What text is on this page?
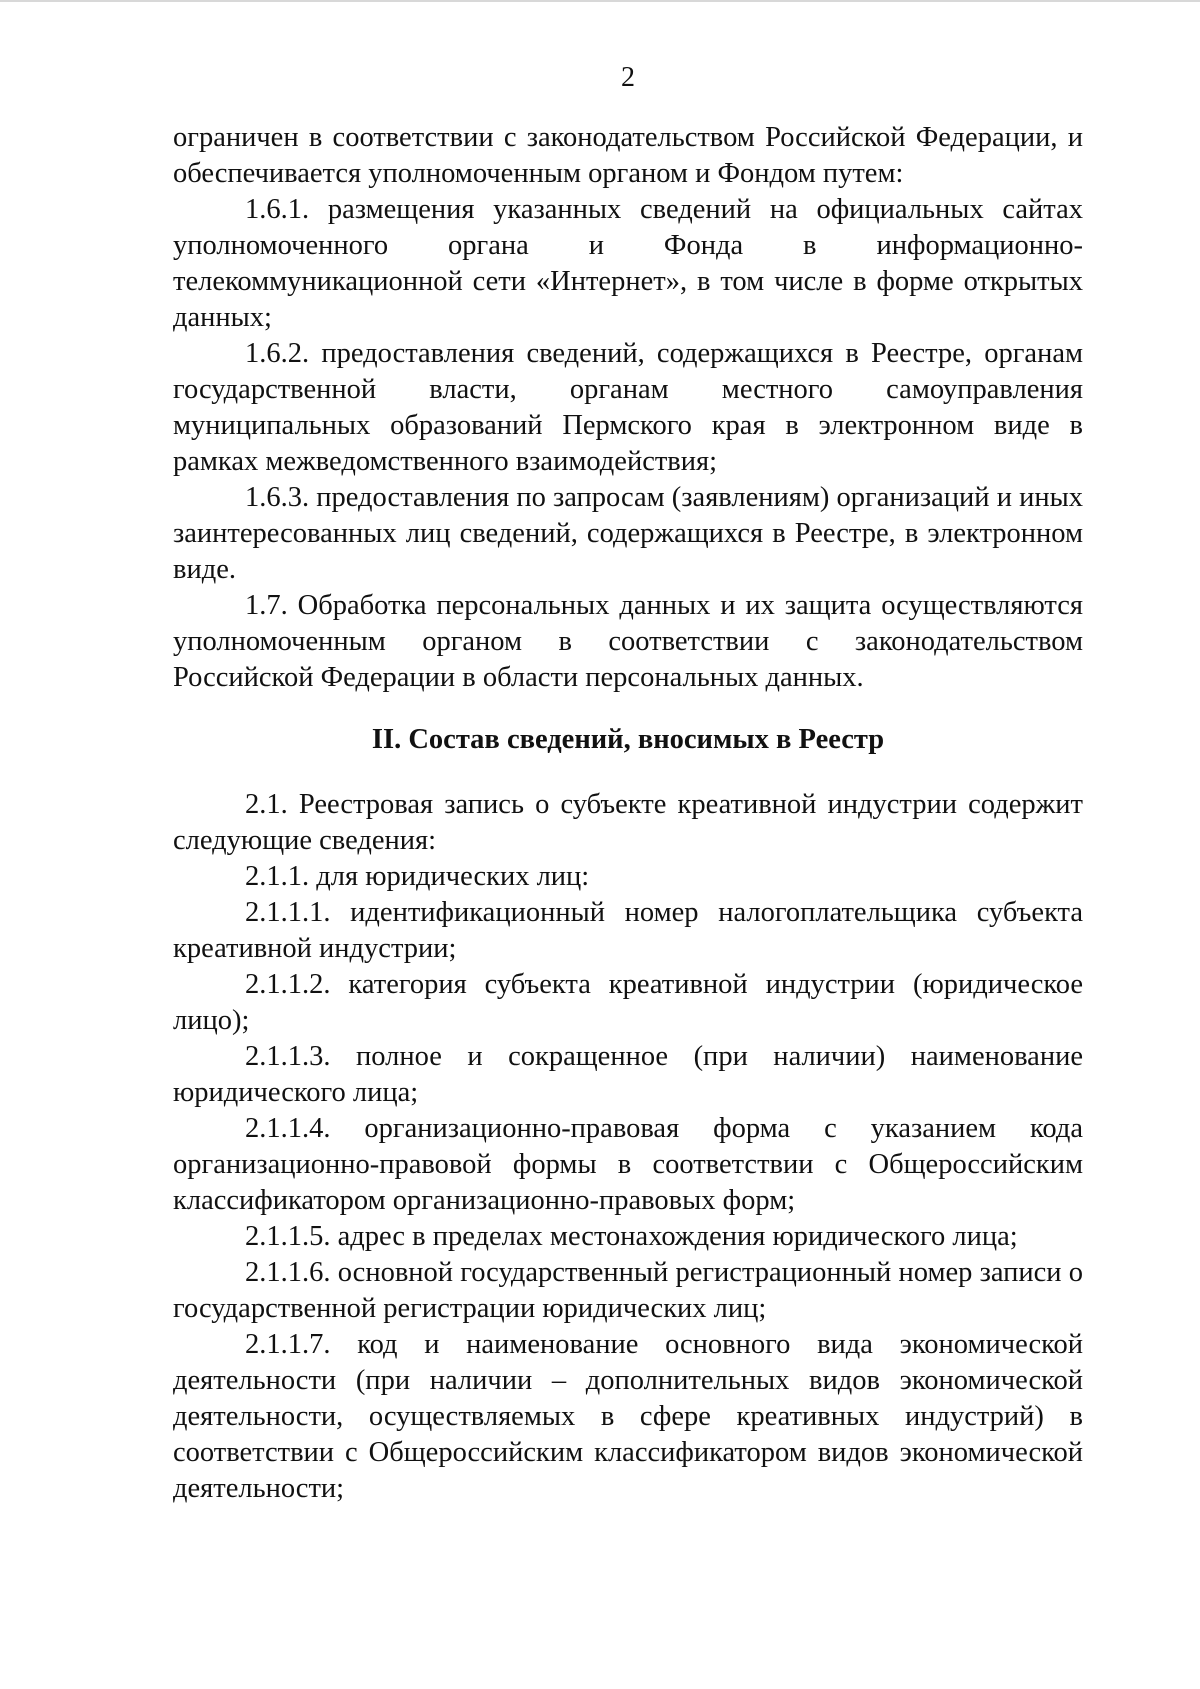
2

ограничен в соответствии с законодательством Российской Федерации, и обеспечивается уполномоченным органом и Фондом путем:

1.6.1. размещения указанных сведений на официальных сайтах уполномоченного органа и Фонда в информационно-телекоммуникационной сети «Интернет», в том числе в форме открытых данных;

1.6.2. предоставления сведений, содержащихся в Реестре, органам государственной власти, органам местного самоуправления муниципальных образований Пермского края в электронном виде в рамках межведомственного взаимодействия;

1.6.3. предоставления по запросам (заявлениям) организаций и иных заинтересованных лиц сведений, содержащихся в Реестре, в электронном виде.

1.7. Обработка персональных данных и их защита осуществляются уполномоченным органом в соответствии с законодательством Российской Федерации в области персональных данных.

II. Состав сведений, вносимых в Реестр

2.1. Реестровая запись о субъекте креативной индустрии содержит следующие сведения:

2.1.1. для юридических лиц:

2.1.1.1. идентификационный номер налогоплательщика субъекта креативной индустрии;

2.1.1.2. категория субъекта креативной индустрии (юридическое лицо);

2.1.1.3. полное и сокращенное (при наличии) наименование юридического лица;

2.1.1.4. организационно-правовая форма с указанием кода организационно-правовой формы в соответствии с Общероссийским классификатором организационно-правовых форм;

2.1.1.5. адрес в пределах местонахождения юридического лица;

2.1.1.6. основной государственный регистрационный номер записи о государственной регистрации юридических лиц;

2.1.1.7. код и наименование основного вида экономической деятельности (при наличии – дополнительных видов экономической деятельности, осуществляемых в сфере креативных индустрий) в соответствии с Общероссийским классификатором видов экономической деятельности;
